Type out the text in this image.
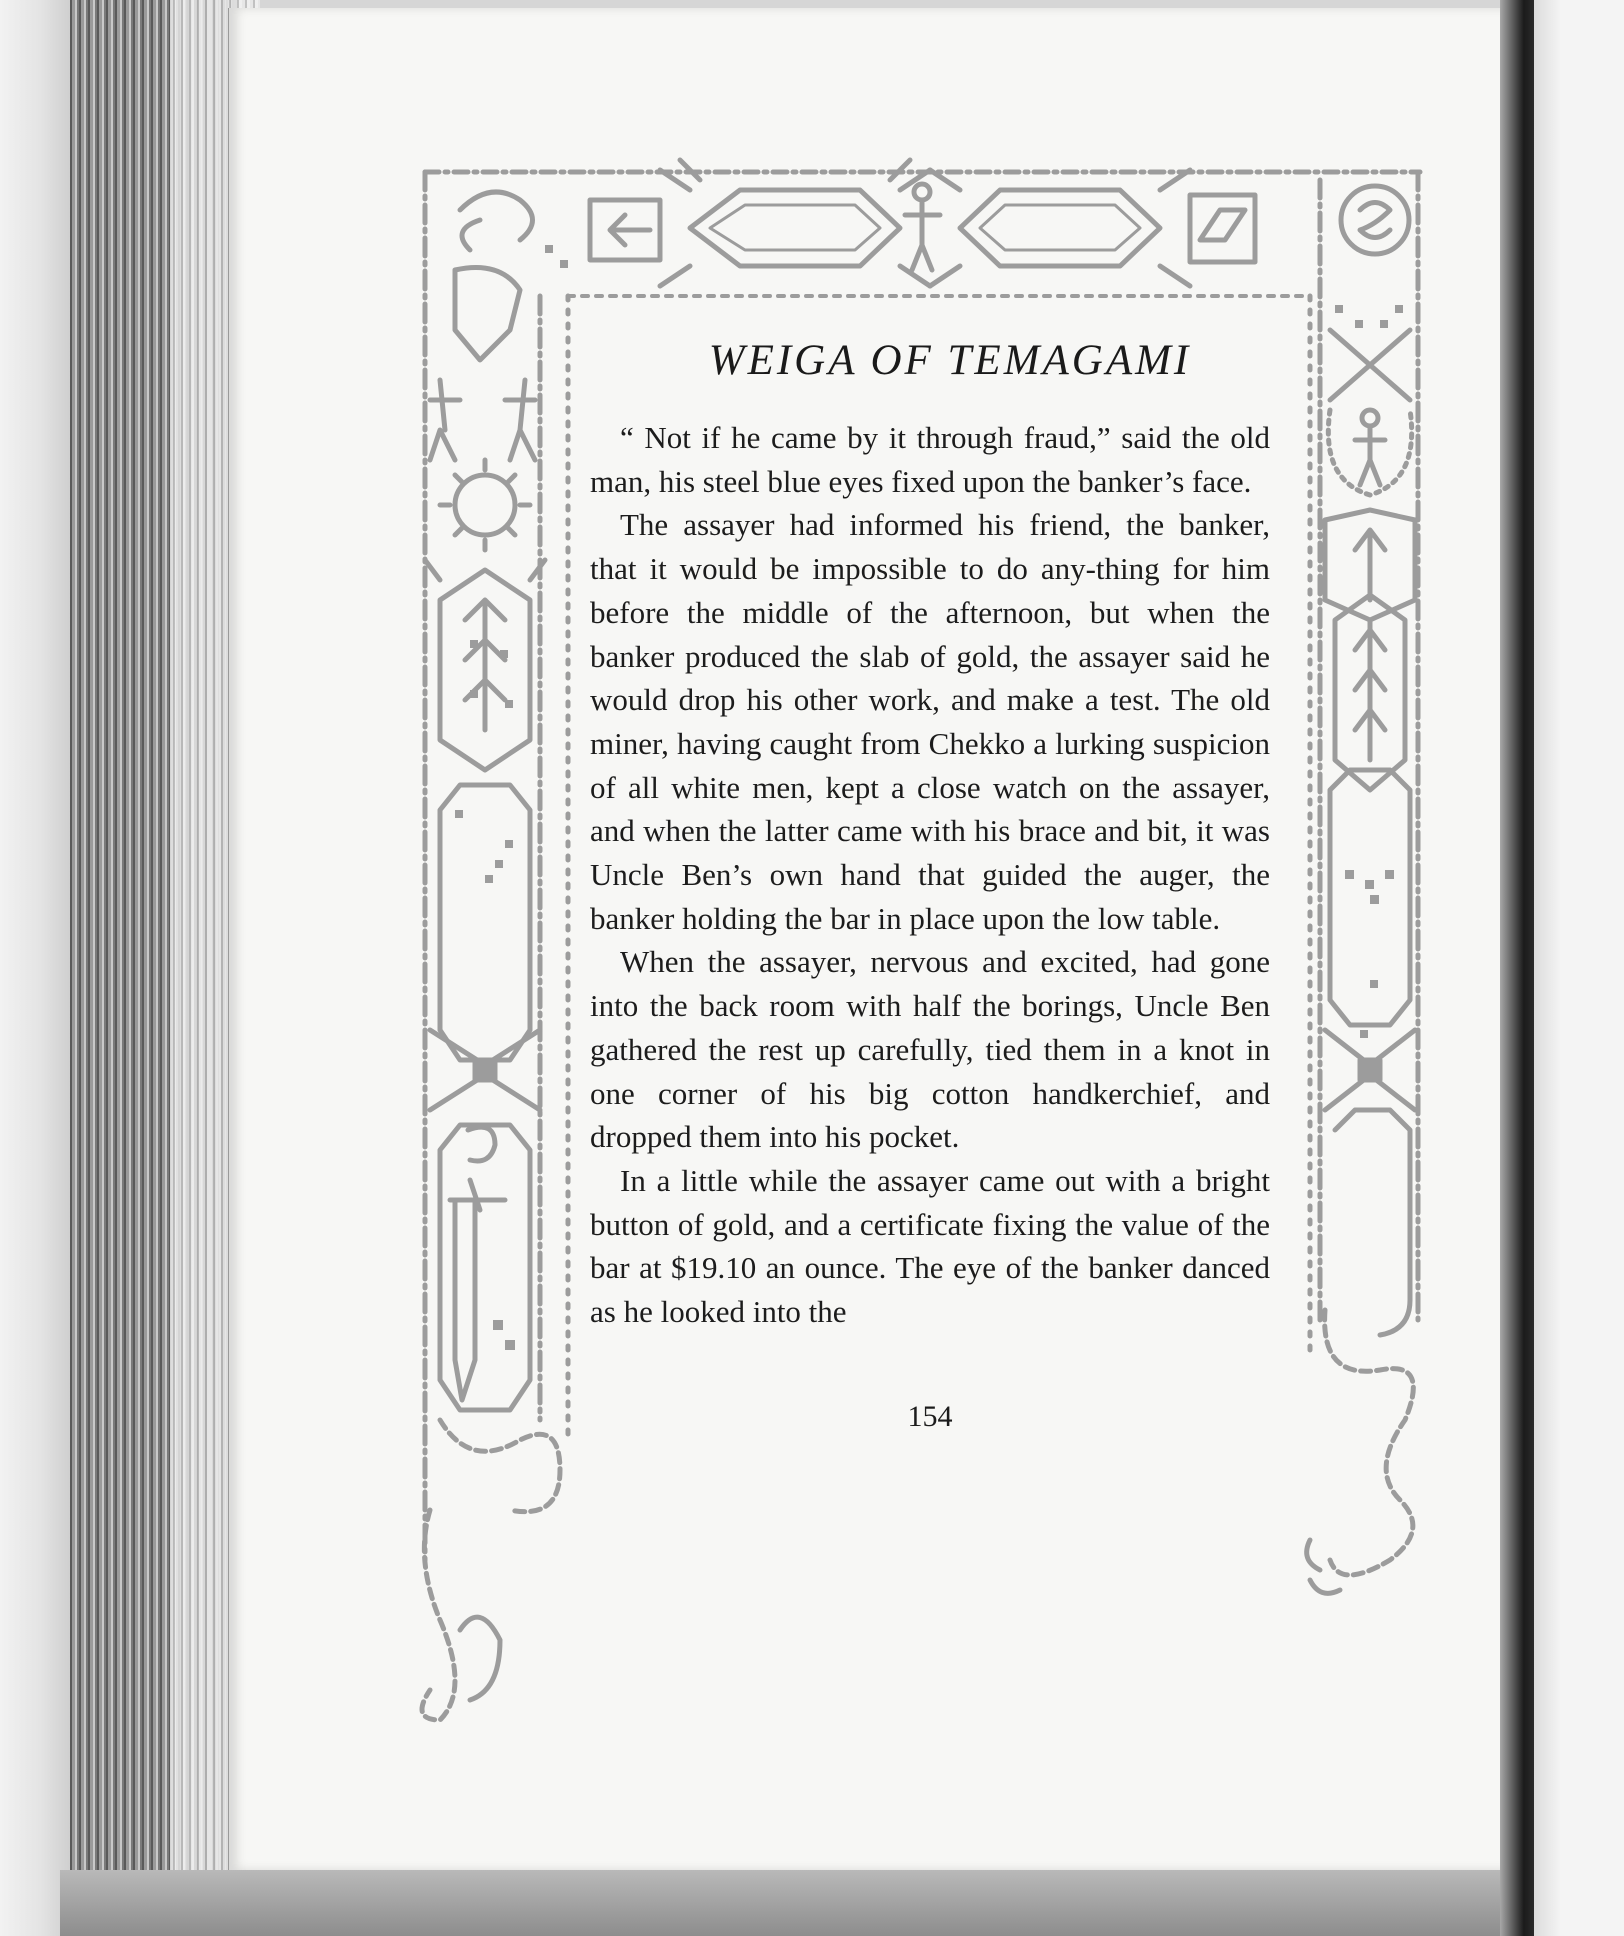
WEIGA OF TEMAGAMI

“ Not if he came by it through fraud,” said the old man, his steel blue eyes fixed upon the banker’s face.

The assayer had informed his friend, the banker, that it would be impossible to do any-thing for him before the middle of the afternoon, but when the banker produced the slab of gold, the assayer said he would drop his other work, and make a test. The old miner, having caught from Chekko a lurking suspicion of all white men, kept a close watch on the assayer, and when the latter came with his brace and bit, it was Uncle Ben’s own hand that guided the auger, the banker holding the bar in place upon the low table.

When the assayer, nervous and excited, had gone into the back room with half the borings, Uncle Ben gathered the rest up carefully, tied them in a knot in one corner of his big cotton handkerchief, and dropped them into his pocket.

In a little while the assayer came out with a bright button of gold, and a certificate fixing the value of the bar at $19.10 an ounce. The eye of the banker danced as he looked into the

154
